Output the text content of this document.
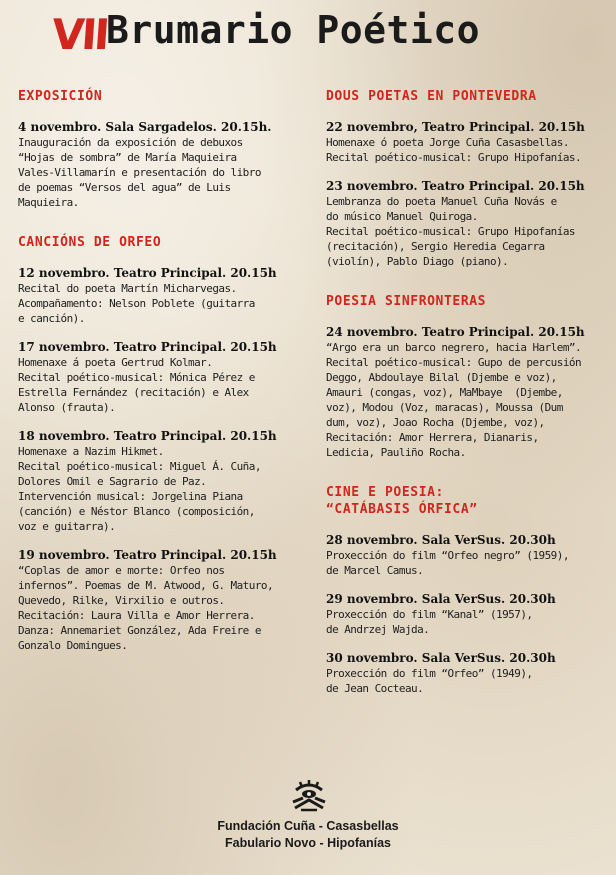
VII
Brumario Poético
EXPOSICIÓN
4 novembro. Sala Sargadelos. 20.15h.
Inauguración da exposición de debuxos
“Hojas de sombra” de María Maquieira
Vales-Villamarín e presentación do libro
de poemas “Versos del agua” de Luis
Maquieira.
CANCIÓNS DE ORFEO
12 novembro. Teatro Principal. 20.15h
Recital do poeta Martín Micharvegas.
Acompañamento: Nelson Poblete (guitarra
e canción).
17 novembro. Teatro Principal. 20.15h
Homenaxe á poeta Gertrud Kolmar.
Recital poético-musical: Mónica Pérez e
Estrella Fernández (recitación) e Alex
Alonso (frauta).
18 novembro. Teatro Principal. 20.15h
Homenaxe a Nazim Hikmet.
Recital poético-musical: Miguel Á. Cuña,
Dolores Omil e Sagrario de Paz.
Intervención musical: Jorgelina Piana
(canción) e Néstor Blanco (composición,
voz e guitarra).
19 novembro. Teatro Principal. 20.15h
“Coplas de amor e morte: Orfeo nos
infernos”. Poemas de M. Atwood, G. Maturo,
Quevedo, Rilke, Virxilio e outros.
Recitación: Laura Villa e Amor Herrera.
Danza: Annemariet González, Ada Freire e
Gonzalo Domingues.
DOUS POETAS EN PONTEVEDRA
22 novembro, Teatro Principal. 20.15h
Homenaxe ó poeta Jorge Cuña Casasbellas.
Recital poético-musical: Grupo Hipofanías.
23 novembro. Teatro Principal. 20.15h
Lembranza do poeta Manuel Cuña Novás e
do músico Manuel Quiroga.
Recital poético-musical: Grupo Hipofanías
(recitación), Sergio Heredia Cegarra
(violín), Pablo Diago (piano).
POESIA SINFRONTERAS
24 novembro. Teatro Principal. 20.15h
“Argo era un barco negrero, hacia Harlem”.
Recital poético-musical: Gupo de percusión
Deggo, Abdoulaye Bilal (Djembe e voz),
Amauri (congas, voz), MaMbaye  (Djembe,
voz), Modou (Voz, maracas), Moussa (Dum
dum, voz), Joao Rocha (Djembe, voz),
Recitación: Amor Herrera, Dianaris,
Ledicia, Pauliño Rocha.
CINE E POESIA:
“CATÁBASIS ÓRFICA”
28 novembro. Sala VerSus. 20.30h
Proxección do film “Orfeo negro” (1959),
de Marcel Camus.
29 novembro. Sala VerSus. 20.30h
Proxección do film “Kanal” (1957),
de Andrzej Wajda.
30 novembro. Sala VerSus. 20.30h
Proxección do film “Orfeo” (1949),
de Jean Cocteau.
Fundación Cuña - Casasbellas
Fabulario Novo - Hipofanías
